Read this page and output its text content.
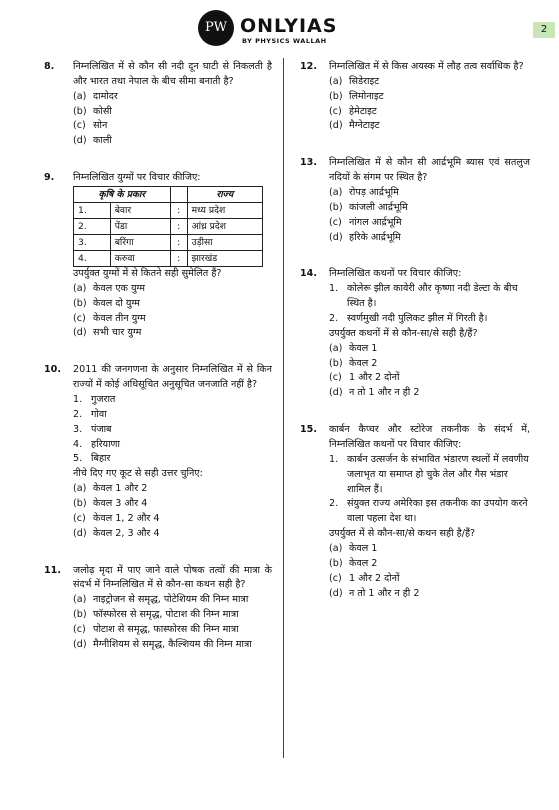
PW ONLYIAS
BY PHYSICS WALLAH
2
8. निम्नलिखित में से कौन सी नदी दून घाटी से निकलती है और भारत तथा नेपाल के बीच सीमा बनाती है?
(a) दामोदर
(b) कोसी
(c) सोन
(d) काली
9. निम्नलिखित युग्मों पर विचार कीजिए:
कृषि के प्रकार			राज्य
1.	बेवार	:	मध्य प्रदेश
2.	पेंडा	:	आंध्र प्रदेश
3.	बरिंगा	:	उड़ीसा
4.	करुवा	:	झारखंड
उपर्युक्त युग्मों में से कितने सही सुमेलित हैं?
(a) केवल एक युग्म
(b) केवल दो युग्म
(c) केवल तीन युग्म
(d) सभी चार युग्म
10. 2011 की जनगणना के अनुसार निम्नलिखित में से किन राज्यों में कोई अधिसूचित अनुसूचित जनजाति नहीं है?
1. गुजरात
2. गोवा
3. पंजाब
4. हरियाणा
5. बिहार
नीचे दिए गए कूट से सही उत्तर चुनिए:
(a) केवल 1 और 2
(b) केवल 3 और 4
(c) केवल 1, 2 और 4
(d) केवल 2, 3 और 4
11. जलोढ़ मृदा में पाए जाने वाले पोषक तत्वों की मात्रा के संदर्भ में निम्नलिखित में से कौन-सा कथन सही है?
(a) नाइट्रोजन से समृद्ध, पोटेशियम की निम्न मात्रा
(b) फॉस्फोरस से समृद्ध, पोटाश की निम्न मात्रा
(c) पोटाश से समृद्ध, फास्फोरस की निम्न मात्रा
(d) मैग्नीशियम से समृद्ध, कैल्शियम की निम्न मात्रा
12. निम्नलिखित में से किस अयस्क में लौह तत्व सर्वाधिक है?
(a) सिडेराइट
(b) लिमोनाइट
(c) हेमेटाइट
(d) मैग्नेटाइट
13. निम्नलिखित में से कौन सी आर्द्रभूमि ब्यास एवं सतलुज नदियों के संगम पर स्थित है?
(a) रोपड़ आर्द्रभूमि
(b) कांजली आर्द्रभूमि
(c) नांगल आर्द्रभूमि
(d) हरिके आर्द्रभूमि
14. निम्नलिखित कथनों पर विचार कीजिए:
1. कोलेरू झील कावेरी और कृष्णा नदी डेल्टा के बीच स्थित है।
2. स्वर्णमुखी नदी पुलिकट झील में गिरती है।
उपर्युक्त कथनों में से कौन-सा/से सही है/हैं?
(a) केवल 1
(b) केवल 2
(c) 1 और 2 दोनों
(d) न तो 1 और न ही 2
15. कार्बन कैप्चर और स्टोरेज तकनीक के संदर्भ में, निम्नलिखित कथनों पर विचार कीजिए:
1. कार्बन उत्सर्जन के संभावित भंडारण स्थलों में लवणीय जलाभृत या समाप्त हो चुके तेल और गैस भंडार शामिल हैं।
2. संयुक्त राज्य अमेरिका इस तकनीक का उपयोग करने वाला पहला देश था।
उपर्युक्त में से कौन-सा/से कथन सही है/हैं?
(a) केवल 1
(b) केवल 2
(c) 1 और 2 दोनों
(d) न तो 1 और न ही 2
